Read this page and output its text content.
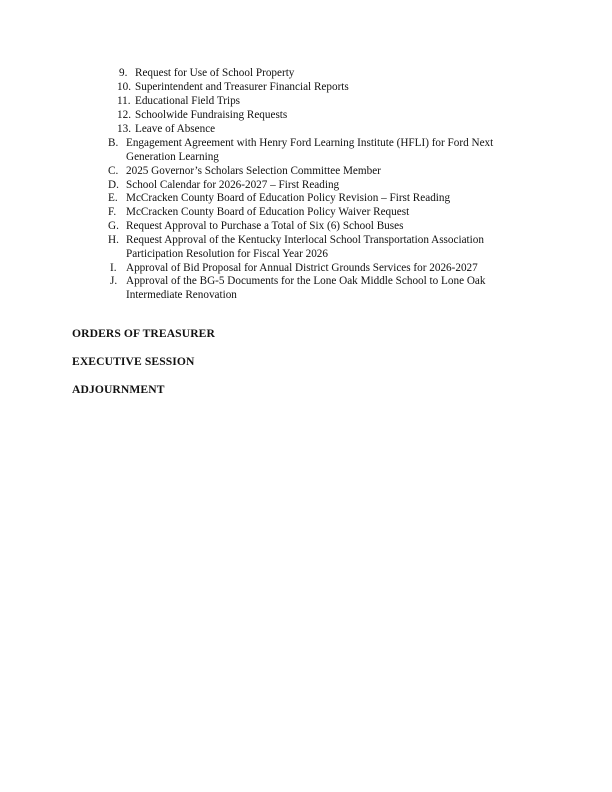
9. Request for Use of School Property
10. Superintendent and Treasurer Financial Reports
11. Educational Field Trips
12. Schoolwide Fundraising Requests
13. Leave of Absence
B. Engagement Agreement with Henry Ford Learning Institute (HFLI) for Ford Next
Generation Learning
C. 2025 Governor’s Scholars Selection Committee Member
D. School Calendar for 2026-2027 – First Reading
E. McCracken County Board of Education Policy Revision – First Reading
F. McCracken County Board of Education Policy Waiver Request
G. Request Approval to Purchase a Total of Six (6) School Buses
H. Request Approval of the Kentucky Interlocal School Transportation Association
Participation Resolution for Fiscal Year 2026
I. Approval of Bid Proposal for Annual District Grounds Services for 2026-2027
J. Approval of the BG-5 Documents for the Lone Oak Middle School to Lone Oak
Intermediate Renovation
ORDERS OF TREASURER
EXECUTIVE SESSION
ADJOURNMENT
